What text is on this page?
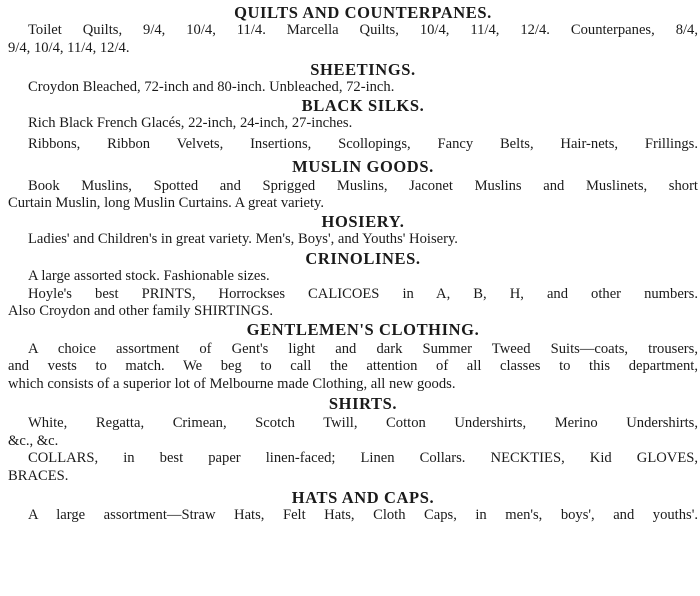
QUILTS AND COUNTERPANES.

Toilet Quilts, 9/4, 10/4, 11/4. Marcella Quilts, 10/4, 11/4, 12/4. Counterpanes, 8/4,
9/4, 10/4, 11/4, 12/4.

SHEETINGS.

Croydon Bleached, 72-inch and 80-inch. Unbleached, 72-inch.

BLACK SILKS.

Rich Black French Glacés, 22-inch, 24-inch, 27-inches.

Ribbons, Ribbon Velvets, Insertions, Scollopings, Fancy Belts, Hair-nets, Frillings.

MUSLIN GOODS.

Book Muslins, Spotted and Sprigged Muslins, Jaconet Muslins and Muslinets, short
Curtain Muslin, long Muslin Curtains. A great variety.

HOSIERY.

Ladies' and Children's in great variety. Men's, Boys', and Youths' Hoisery.

CRINOLINES.

A large assorted stock. Fashionable sizes.
Hoyle's best PRINTS, Horrockses CALICOES in A, B, H, and other numbers.
Also Croydon and other family SHIRTINGS.

GENTLEMEN'S CLOTHING.

A choice assortment of Gent's light and dark Summer Tweed Suits—coats, trousers,
and vests to match. We beg to call the attention of all classes to this department,
which consists of a superior lot of Melbourne made Clothing, all new goods.

SHIRTS.

White, Regatta, Crimean, Scotch Twill, Cotton Undershirts, Merino Undershirts,
&c., &c.
COLLARS, in best paper linen-faced; Linen Collars. NECKTIES, Kid GLOVES,
BRACES.

HATS AND CAPS.

A large assortment—Straw Hats, Felt Hats, Cloth Caps, in men's, boys', and youths'.
